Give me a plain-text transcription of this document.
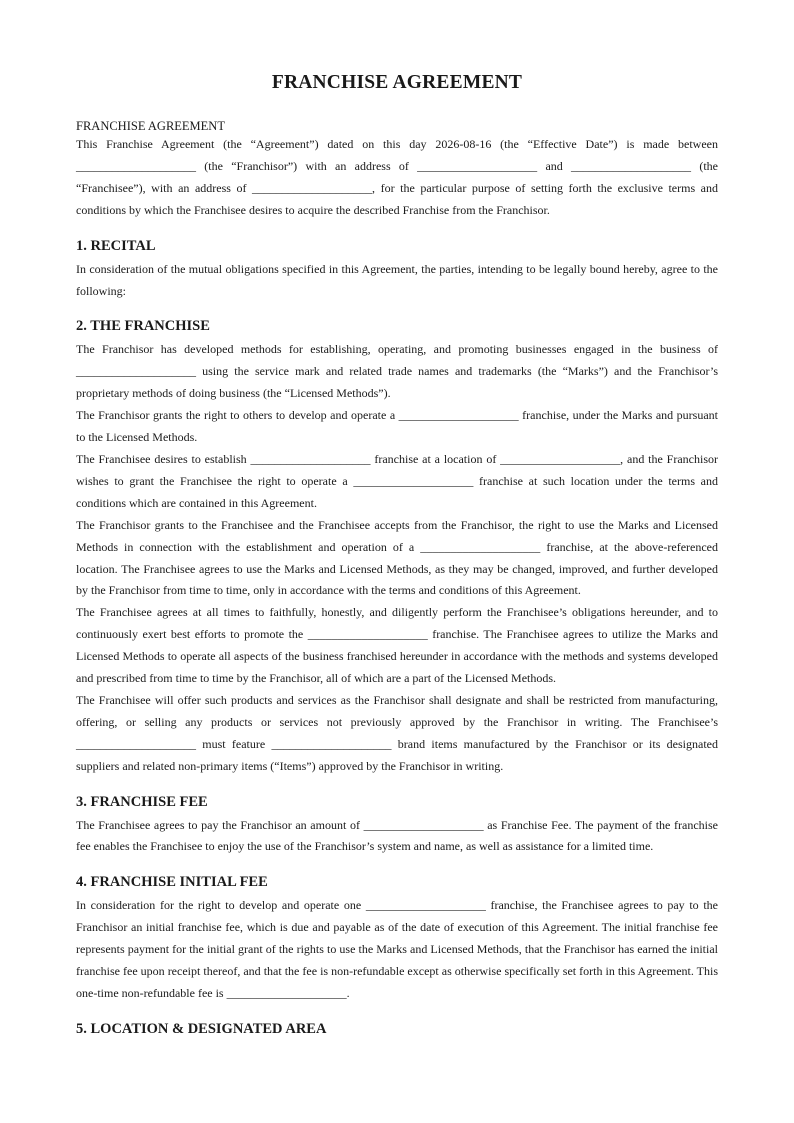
FRANCHISE AGREEMENT
FRANCHISE AGREEMENT

This Franchise Agreement (the “Agreement”) dated on this day 2026-08-16 (the “Effective Date”) is made between ____________________ (the “Franchisor”) with an address of ____________________ and ____________________ (the “Franchisee”), with an address of ____________________, for the particular purpose of setting forth the exclusive terms and conditions by which the Franchisee desires to acquire the described Franchise from the Franchisor.

1. RECITAL

In consideration of the mutual obligations specified in this Agreement, the parties, intending to be legally bound hereby, agree to the following:

2. THE FRANCHISE

The Franchisor has developed methods for establishing, operating, and promoting businesses engaged in the business of ____________________ using the service mark and related trade names and trademarks (the “Marks”) and the Franchisor’s proprietary methods of doing business (the “Licensed Methods”).

The Franchisor grants the right to others to develop and operate a ____________________ franchise, under the Marks and pursuant to the Licensed Methods.

The Franchisee desires to establish ____________________ franchise at a location of ____________________, and the Franchisor wishes to grant the Franchisee the right to operate a ____________________ franchise at such location under the terms and conditions which are contained in this Agreement.

The Franchisor grants to the Franchisee and the Franchisee accepts from the Franchisor, the right to use the Marks and Licensed Methods in connection with the establishment and operation of a ____________________ franchise, at the above-referenced location. The Franchisee agrees to use the Marks and Licensed Methods, as they may be changed, improved, and further developed by the Franchisor from time to time, only in accordance with the terms and conditions of this Agreement.

The Franchisee agrees at all times to faithfully, honestly, and diligently perform the Franchisee’s obligations hereunder, and to continuously exert best efforts to promote the ____________________ franchise. The Franchisee agrees to utilize the Marks and Licensed Methods to operate all aspects of the business franchised hereunder in accordance with the methods and systems developed and prescribed from time to time by the Franchisor, all of which are a part of the Licensed Methods.

The Franchisee will offer such products and services as the Franchisor shall designate and shall be restricted from manufacturing, offering, or selling any products or services not previously approved by the Franchisor in writing. The Franchisee’s ____________________ must feature ____________________ brand items manufactured by the Franchisor or its designated suppliers and related non-primary items (“Items”) approved by the Franchisor in writing.

3. FRANCHISE FEE

The Franchisee agrees to pay the Franchisor an amount of ____________________ as Franchise Fee. The payment of the franchise fee enables the Franchisee to enjoy the use of the Franchisor’s system and name, as well as assistance for a limited time.

4. FRANCHISE INITIAL FEE

In consideration for the right to develop and operate one ____________________ franchise, the Franchisee agrees to pay to the Franchisor an initial franchise fee, which is due and payable as of the date of execution of this Agreement. The initial franchise fee represents payment for the initial grant of the rights to use the Marks and Licensed Methods, that the Franchisor has earned the initial franchise fee upon receipt thereof, and that the fee is non-refundable except as otherwise specifically set forth in this Agreement. This one-time non-refundable fee is ____________________.

5. LOCATION & DESIGNATED AREA
